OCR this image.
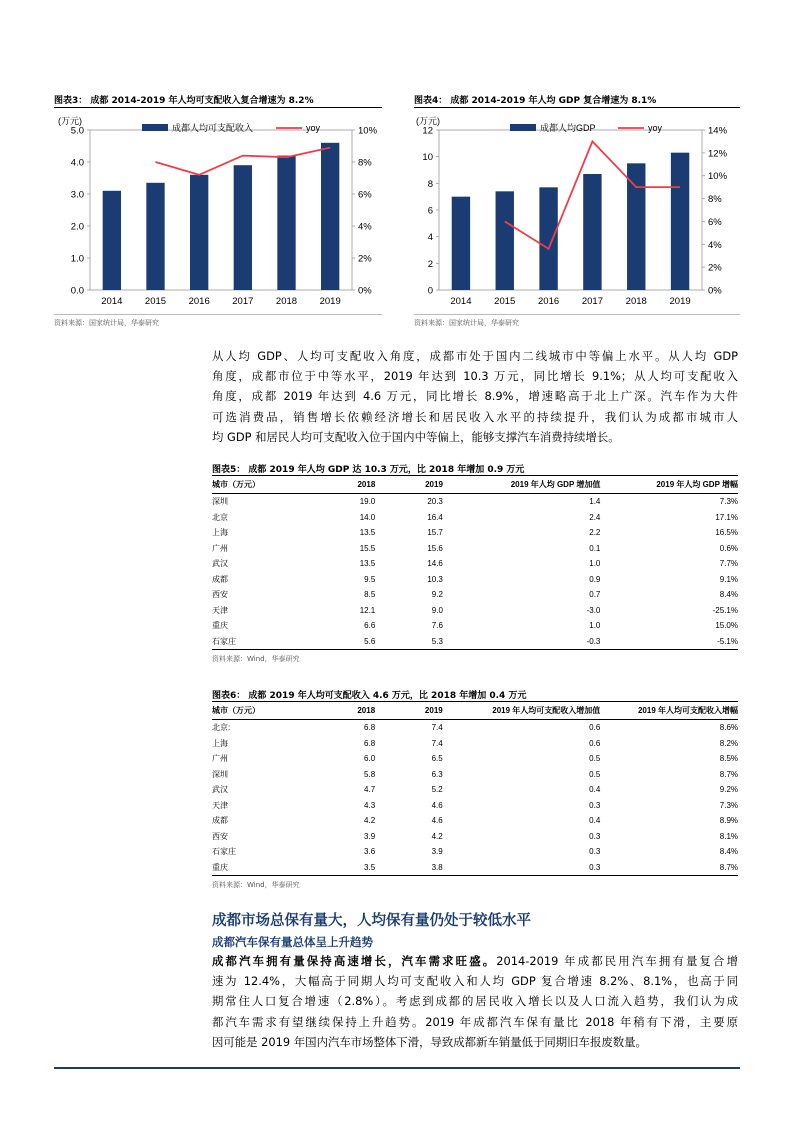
图表3： 成都 2014-2019 年人均可支配收入复合增速为 8.2%
(万元)
0.0
1.0
2.0
3.0
4.0
5.0
0%
2%
4%
6%
8%
10%
2014 2015 2016 2017 2018 2019
成都人均可支配收入	yoy
资料来源：国家统计局，华泰研究
图表4： 成都 2014-2019 年人均 GDP 复合增速为 8.1%
(万元)
0
2
4
6
8
10
12
0%
2%
4%
6%
8%
10%
12%
14%
2014 2015 2016 2017 2018 2019
成都人均GDP	yoy
资料来源：国家统计局，华泰研究
从人均 GDP、人均可支配收入角度，成都市处于国内二线城市中等偏上水平。从人均 GDP
角度，成都市位于中等水平，2019 年达到 10.3 万元，同比增长 9.1%；从人均可支配收入
角度，成都 2019 年达到 4.6 万元，同比增长 8.9%，增速略高于北上广深。汽车作为大件
可选消费品，销售增长依赖经济增长和居民收入水平的持续提升，我们认为成都市城市人
均 GDP 和居民人均可支配收入位于国内中等偏上，能够支撑汽车消费持续增长。
图表5： 成都 2019 年人均 GDP 达 10.3 万元，比 2018 年增加 0.9 万元
城市（万元）	2018	2019	2019 年人均 GDP 增加值	2019 年人均 GDP 增幅
深圳	19.0	20.3	1.4	7.3%
北京	14.0	16.4	2.4	17.1%
上海	13.5	15.7	2.2	16.5%
广州	15.5	15.6	0.1	0.6%
武汉	13.5	14.6	1.0	7.7%
成都	9.5	10.3	0.9	9.1%
西安	8.5	9.2	0.7	8.4%
天津	12.1	9.0	-3.0	-25.1%
重庆	6.6	7.6	1.0	15.0%
石家庄	5.6	5.3	-0.3	-5.1%
资料来源：Wind，华泰研究
图表6： 成都 2019 年人均可支配收入 4.6 万元，比 2018 年增加 0.4 万元
城市（万元）	2018	2019	2019 年人均可支配收入增加值	2019 年人均可支配收入增幅
北京:	6.8	7.4	0.6	8.6%
上海	6.8	7.4	0.6	8.2%
广州	6.0	6.5	0.5	8.5%
深圳	5.8	6.3	0.5	8.7%
武汉	4.7	5.2	0.4	9.2%
天津	4.3	4.6	0.3	7.3%
成都	4.2	4.6	0.4	8.9%
西安	3.9	4.2	0.3	8.1%
石家庄	3.6	3.9	0.3	8.4%
重庆	3.5	3.8	0.3	8.7%
资料来源：Wind，华泰研究
成都市场总保有量大，人均保有量仍处于较低水平
成都汽车保有量总体呈上升趋势
成都汽车拥有量保持高速增长，汽车需求旺盛。2014-2019 年成都民用汽车拥有量复合增
速为 12.4%，大幅高于同期人均可支配收入和人均 GDP 复合增速 8.2%、8.1%，也高于同
期常住人口复合增速（2.8%）。考虑到成都的居民收入增长以及人口流入趋势，我们认为成
都汽车需求有望继续保持上升趋势。2019 年成都汽车保有量比 2018 年稍有下滑，主要原
因可能是 2019 年国内汽车市场整体下滑，导致成都新车销量低于同期旧车报废数量。
